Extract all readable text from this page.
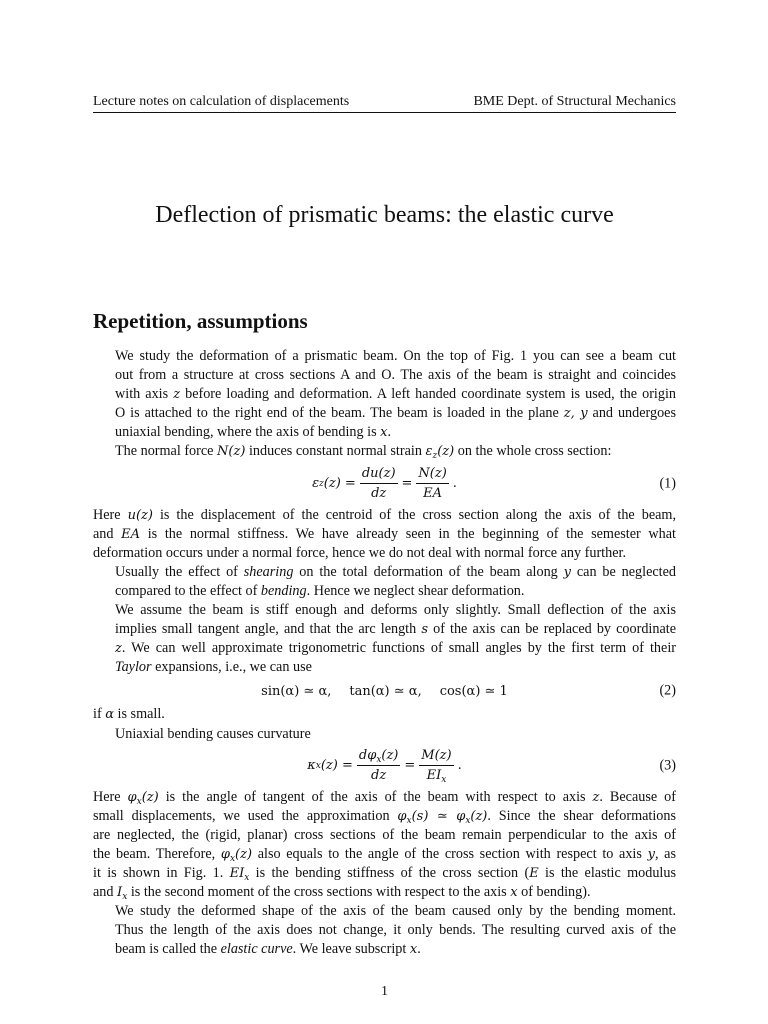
Lecture notes on calculation of displacements	BME Dept. of Structural Mechanics
Deflection of prismatic beams: the elastic curve
Repetition, assumptions

We study the deformation of a prismatic beam. On the top of Fig. 1 you can see a beam cut
out from a structure at cross sections A and O. The axis of the beam is straight and coincides
with axis z before loading and deformation. A left handed coordinate system is used, the origin
O is attached to the right end of the beam. The beam is loaded in the plane z, y and undergoes
uniaxial bending, where the axis of bending is x.

The normal force N(z) induces constant normal strain $\varepsilon_z(z)$ on the whole cross section:

ε z $(z) = \frac{du(z)}{dz} = \frac{N(z)}{EA}$ .	(1)

Here u(z) is the displacement of the centroid of the cross section along the axis of the beam,
and EA is the normal stiffness. We have already seen in the beginning of the semester what
deformation occurs under a normal force, hence we do not deal with normal force any further.

Usually the effect of shearing on the total deformation of the beam along y can be neglected
compared to the effect of bending. Hence we neglect shear deformation.

We assume the beam is stiff enough and deforms only slightly. Small deflection of the axis
implies small tangent angle, and that the arc length s of the axis can be replaced by coordinate
z. We can well approximate trigonometric functions of small angles by the first term of their
Taylor expansions, i.e., we can use

sin(α) ≃ α, tan(α) ≃ α, cos(α) ≃ 1	(2)

if α is small.

Uniaxial bending causes curvature

κ x $(z) = \frac{d\varphi_x(z)}{dz} = \frac{M(z)}{EI_x}$ .	(3)

Here $\varphi_x(z)$ is the angle of tangent of the axis of the beam with respect to axis z. Because of
small displacements, we used the approximation $\varphi_x(s)$ ≃ $\varphi_x(z)$. Since the shear deformations
are neglected, the (rigid, planar) cross sections of the beam remain perpendicular to the axis of
the beam. Therefore, $\varphi_x(z)$ also equals to the angle of the cross section with respect to axis y, as
it is shown in Fig. 1. $EI_x$ is the bending stiffness of the cross section (E is the elastic modulus
and $I_x$ is the second moment of the cross sections with respect to the axis x of bending).

We study the deformed shape of the axis of the beam caused only by the bending moment.
Thus the length of the axis does not change, it only bends. The resulting curved axis of the
beam is called the elastic curve. We leave subscript x.

1
